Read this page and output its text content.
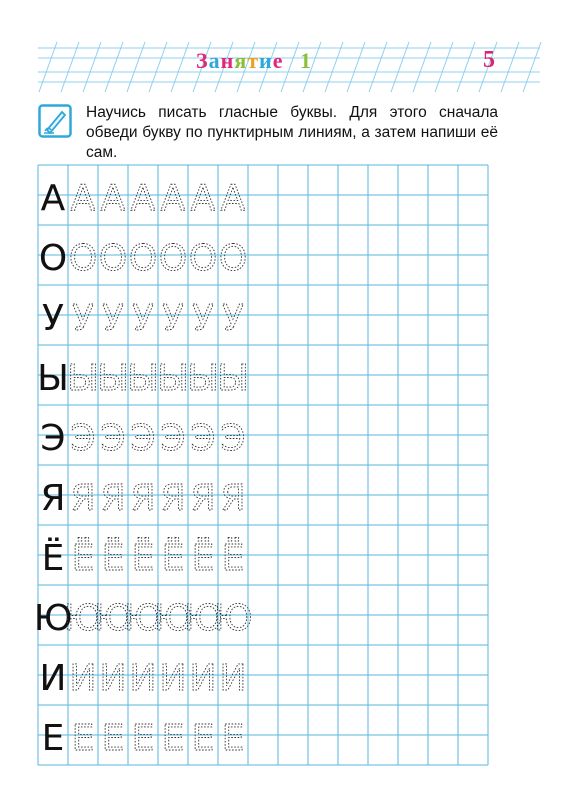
Занятие 1	5
Научись писать гласные буквы. Для этого сначала обведи букву по пунктирным линиям, а затем напиши её сам.
А А А А А А А
О О О О О О О
У У У У У У У
Ы
Ы
Ы
Ы
Ы
Ы
Ы
Э Э Э Э Э Э Э
Я Я Я Я Я Я Я
Ё Ё Ё Ё Ё Ё Ё
Ю
Ю
Ю
Ю
Ю
Ю
Ю
И И И И И И И
Е Е Е Е Е Е Е
